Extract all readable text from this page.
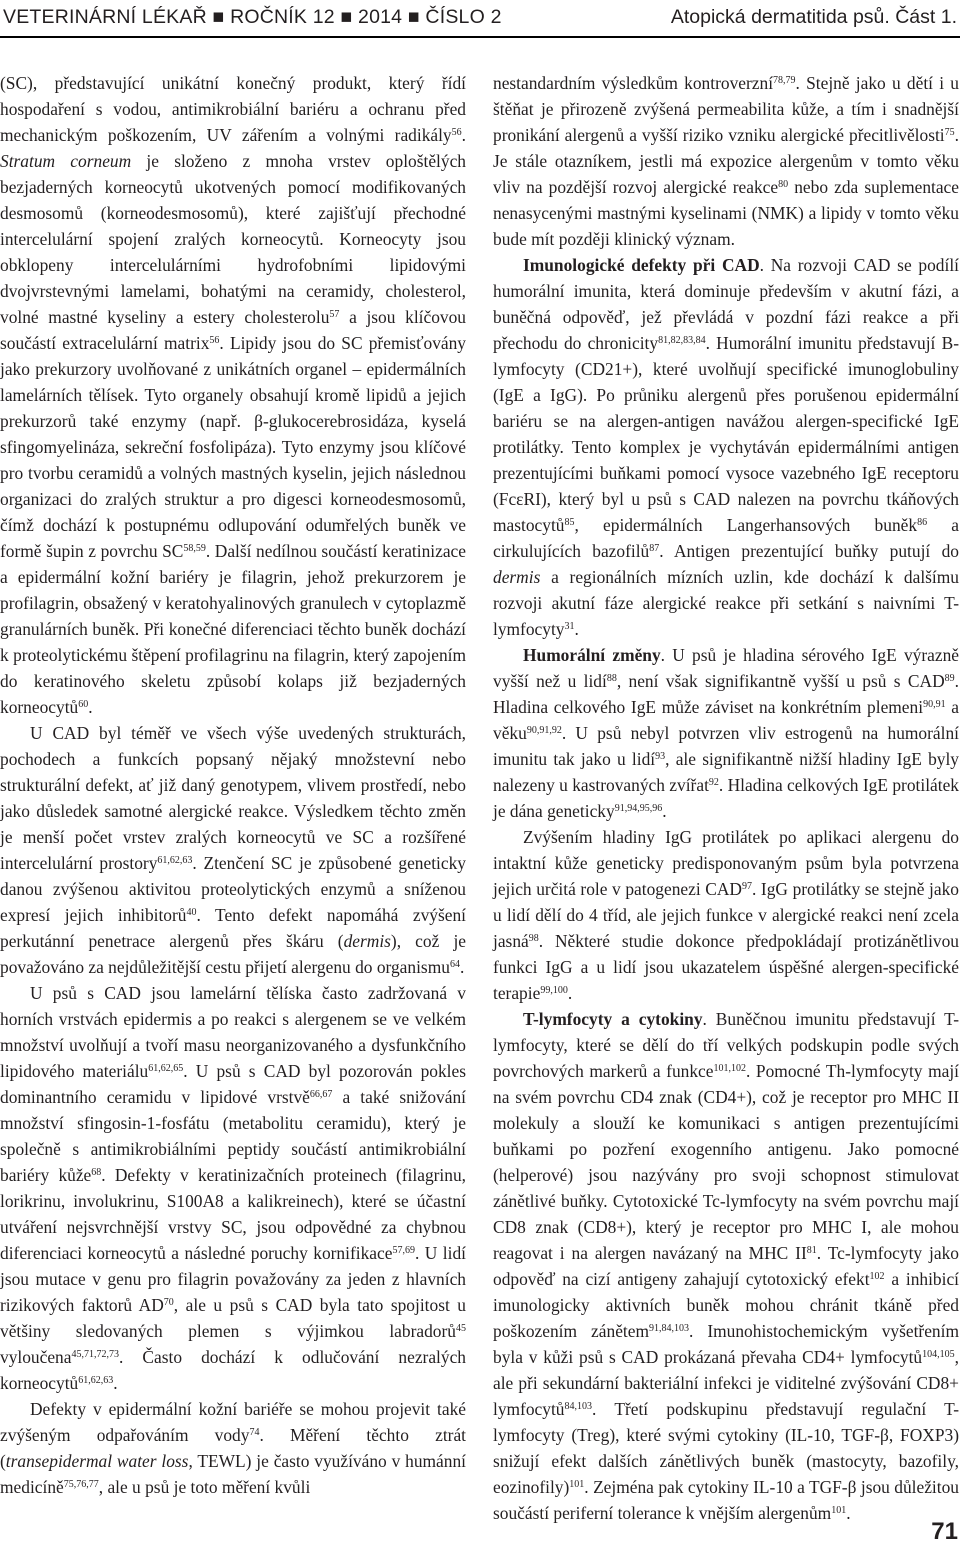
VETERINÁRNÍ LÉKAŘ ■ ROČNÍK 12 ■ 2014 ■ ČÍSLO 2	Atopická dermatitida psů. Část 1.

(SC), představující unikátní konečný produkt, který řídí hospodaření s vodou, antimikrobiální bariéru a ochranu před mechanickým poškozením, UV zářením a volnými radikály$^{56}$. Stratum corneum je složeno z mnoha vrstev oploštělých bezjaderných korneocytů ukotvených pomocí modifikovaných desmosomů (korneodesmosomů), které zajišťují přechodné intercelulární spojení zralých korneocytů. Korneocyty jsou obklopeny intercelulárními hydrofobními lipidovými dvojvrstevnými lamelami, bohatými na ceramidy, cholesterol, volné mastné kyseliny a estery cholesterolu$^{57}$ a jsou klíčovou součástí extracelulární matrix$^{56}$. Lipidy jsou do SC přemisťovány jako prekurzory uvolňované z unikátních organel – epidermálních lamelárních tělísek. Tyto organely obsahují kromě lipidů a jejich prekurzorů také enzymy (např. β-glukocerebrosidáza, kyselá sfingomyelináza, sekreční fosfolipáza). Tyto enzymy jsou klíčové pro tvorbu ceramidů a volných mastných kyselin, jejich následnou organizaci do zralých struktur a pro digesci korneodesmosomů, čímž dochází k postupnému odlupování odumřelých buněk ve formě šupin z povrchu SC$^{58,59}$. Další nedílnou součástí keratinizace a epidermální kožní bariéry je filagrin, jehož prekurzorem je profilagrin, obsažený v keratohyalinových granulech v cytoplazmě granulárních buněk. Při konečné diferenciaci těchto buněk dochází k proteolytickému štěpení profilagrinu na filagrin, který zapojením do keratinového skeletu způsobí kolaps již bezjaderných korneocytů$^{60}$.

U CAD byl téměř ve všech výše uvedených strukturách, pochodech a funkcích popsaný nějaký množstevní nebo strukturální defekt, ať již daný genotypem, vlivem prostředí, nebo jako důsledek samotné alergické reakce. Výsledkem těchto změn je menší počet vrstev zralých korneocytů ve SC a rozšířené intercelulární prostory$^{61,62,63}$. Ztenčení SC je způsobené geneticky danou zvýšenou aktivitou proteolytických enzymů a sníženou expresí jejich inhibitorů$^{40}$. Tento defekt napomáhá zvýšení perkutánní penetrace alergenů přes škáru (dermis), což je považováno za nejdůležitější cestu přijetí alergenu do organismu$^{64}$.

U psů s CAD jsou lamelární tělíska často zadržovaná v horních vrstvách epidermis a po reakci s alergenem se ve velkém množství uvolňují a tvoří masu neorganizovaného a dysfunkčního lipidového materiálu$^{61,62,65}$. U psů s CAD byl pozorován pokles dominantního ceramidu v lipidové vrstvě$^{66,67}$ a také snižování množství sfingosin-1-fosfátu (metabolitu ceramidu), který je společně s antimikrobiálními peptidy součástí antimikrobiální bariéry kůže$^{68}$. Defekty v keratinizačních proteinech (filagrinu, lorikrinu, involukrinu, S100A8 a kalikreinech), které se účastní utváření nejsvrchnější vrstvy SC, jsou odpovědné za chybnou diferenciaci korneocytů a následné poruchy kornifikace$^{57,69}$. U lidí jsou mutace v genu pro filagrin považovány za jeden z hlavních rizikových faktorů AD$^{70}$, ale u psů s CAD byla tato spojitost u většiny sledovaných plemen s výjimkou labradorů$^{45}$ vyloučena$^{45,71,72,73}$. Často dochází k odlučování nezralých korneocytů$^{61,62,63}$.

Defekty v epidermální kožní bariéře se mohou projevit také zvýšeným odpařováním vody$^{74}$. Měření těchto ztrát (transepidermal water loss, TEWL) je často využíváno v humánní medicíně$^{75,76,77}$, ale u psů je toto měření kvůli

nestandardním výsledkům kontroverzní$^{78,79}$. Stejně jako u dětí i u štěňat je přirozeně zvýšená permeabilita kůže, a tím i snadnější pronikání alergenů a vyšší riziko vzniku alergické přecitlivělosti$^{75}$. Je stále otazníkem, jestli má expozice alergenům v tomto věku vliv na pozdější rozvoj alergické reakce$^{80}$ nebo zda suplementace nenasycenými mastnými kyselinami (NMK) a lipidy v tomto věku bude mít později klinický význam.

Imunologické defekty při CAD. Na rozvoji CAD se podílí humorální imunita, která dominuje především v akutní fázi, a buněčná odpověď, jež převládá v pozdní fázi reakce a při přechodu do chronicity$^{81,82,83,84}$. Humorální imunitu představují B-lymfocyty (CD21+), které uvolňují specifické imunoglobuliny (IgE a IgG). Po průniku alergenů přes porušenou epidermální bariéru se na alergen-antigen navážou alergen-specifické IgE protilátky. Tento komplex je vychytáván epidermálními antigen prezentujícími buňkami pomocí vysoce vazebného IgE receptoru (FcεRI), který byl u psů s CAD nalezen na povrchu tkáňových mastocytů$^{85}$, epidermálních Langerhansových buněk$^{86}$ a cirkulujících bazofilů$^{87}$. Antigen prezentující buňky putují do dermis a regionálních mízních uzlin, kde dochází k dalšímu rozvoji akutní fáze alergické reakce při setkání s naivními T-lymfocyty$^{31}$.

Humorální změny. U psů je hladina sérového IgE výrazně vyšší než u lidí$^{88}$, není však signifikantně vyšší u psů s CAD$^{89}$. Hladina celkového IgE může záviset na konkrétním plemeni$^{90,91}$ a věku$^{90,91,92}$. U psů nebyl potvrzen vliv estrogenů na humorální imunitu tak jako u lidí$^{93}$, ale signifikantně nižší hladiny IgE byly nalezeny u kastrovaných zvířat$^{92}$. Hladina celkových IgE protilátek je dána geneticky$^{91,94,95,96}$.

Zvýšením hladiny IgG protilátek po aplikaci alergenu do intaktní kůže geneticky predisponovaným psům byla potvrzena jejich určitá role v patogenezi CAD$^{97}$. IgG protilátky se stejně jako u lidí dělí do 4 tříd, ale jejich funkce v alergické reakci není zcela jasná$^{98}$. Některé studie dokonce předpokládají protizánětlivou funkci IgG a u lidí jsou ukazatelem úspěšné alergen-specifické terapie$^{99,100}$.

T-lymfocyty a cytokiny. Buněčnou imunitu představují T-lymfocyty, které se dělí do tří velkých podskupin podle svých povrchových markerů a funkce$^{101,102}$. Pomocné Th-lymfocyty mají na svém povrchu CD4 znak (CD4+), což je receptor pro MHC II molekuly a slouží ke komunikaci s antigen prezentujícími buňkami po pozření exogenního antigenu. Jako pomocné (helperové) jsou nazývány pro svoji schopnost stimulovat zánětlivé buňky. Cytotoxické Tc-lymfocyty na svém povrchu mají CD8 znak (CD8+), který je receptor pro MHC I, ale mohou reagovat i na alergen navázaný na MHC II$^{81}$. Tc-lymfocyty jako odpověď na cizí antigeny zahajují cytotoxický efekt$^{102}$ a inhibicí imunologicky aktivních buněk mohou chránit tkáně před poškozením zánětem$^{91,84,103}$. Imunohistochemickým vyšetřením byla v kůži psů s CAD prokázaná převaha CD4+ lymfocytů$^{104,105}$, ale při sekundární bakteriální infekci je viditelné zvýšování CD8+ lymfocytů$^{84,103}$. Třetí podskupinu představují regulační T-lymfocyty (Treg), které svými cytokiny (IL-10, TGF-β, FOXP3) snižují efekt dalších zánětlivých buněk (mastocyty, bazofily, eozinofily)$^{101}$. Zejména pak cytokiny IL-10 a TGF-β jsou důležitou součástí periferní tolerance k vnějším alergenům$^{101}$.

71
